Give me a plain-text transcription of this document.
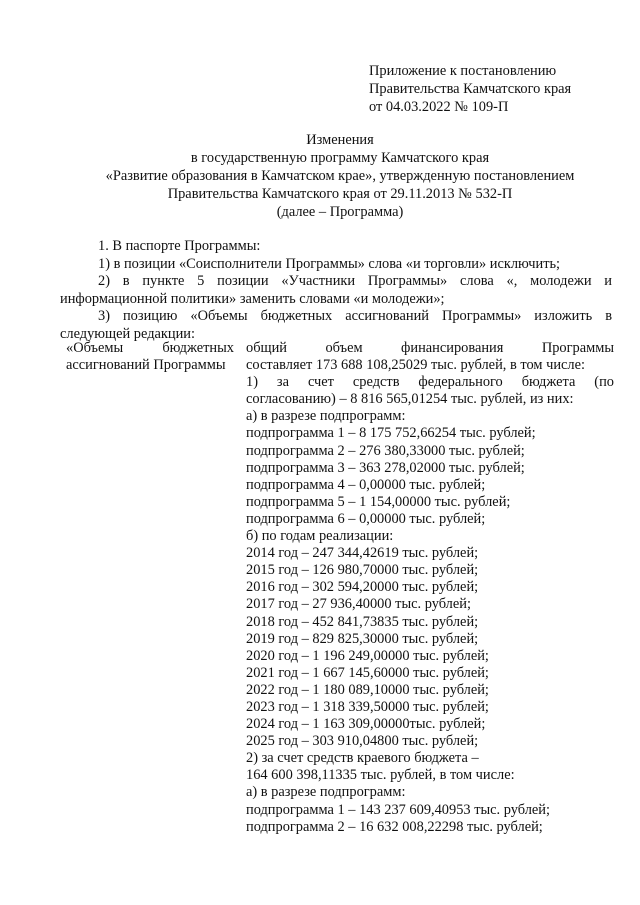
Приложение к постановлению
Правительства Камчатского края
от 04.03.2022 № 109-П
Изменения
в государственную программу Камчатского края
«Развитие образования в Камчатском крае», утвержденную постановлением
Правительства Камчатского края от 29.11.2013 № 532-П
(далее – Программа)
1. В паспорте Программы:
1) в позиции «Соисполнители Программы» слова «и торговли» исключить;
2) в пункте 5 позиции «Участники Программы» слова «, молодежи и информационной политики» заменить словами «и молодежи»;
3) позицию «Объемы бюджетных ассигнований Программы» изложить в следующей редакции:
«Объемы бюджетных
ассигнований Программы
общий объем финансирования Программы
составляет 173 688 108,25029 тыс. рублей, в том числе:
1) за счет средств федерального бюджета (по
согласованию) – 8 816 565,01254 тыс. рублей, из них:
а) в разрезе подпрограмм:
подпрограмма 1 – 8 175 752,66254 тыс. рублей;
подпрограмма 2 – 276 380,33000 тыс. рублей;
подпрограмма 3 – 363 278,02000 тыс. рублей;
подпрограмма 4 – 0,00000 тыс. рублей;
подпрограмма 5 – 1 154,00000 тыс. рублей;
подпрограмма 6 – 0,00000 тыс. рублей;
б) по годам реализации:
2014 год – 247 344,42619 тыс. рублей;
2015 год – 126 980,70000 тыс. рублей;
2016 год – 302 594,20000 тыс. рублей;
2017 год – 27 936,40000 тыс. рублей;
2018 год – 452 841,73835 тыс. рублей;
2019 год – 829 825,30000 тыс. рублей;
2020 год – 1 196 249,00000 тыс. рублей;
2021 год – 1 667 145,60000 тыс. рублей;
2022 год – 1 180 089,10000 тыс. рублей;
2023 год – 1 318 339,50000 тыс. рублей;
2024 год – 1 163 309,00000тыс. рублей;
2025 год – 303 910,04800 тыс. рублей;
2) за счет средств краевого бюджета –
164 600 398,11335 тыс. рублей, в том числе:
а) в разрезе подпрограмм:
подпрограмма 1 – 143 237 609,40953 тыс. рублей;
подпрограмма 2 – 16 632 008,22298 тыс. рублей;
